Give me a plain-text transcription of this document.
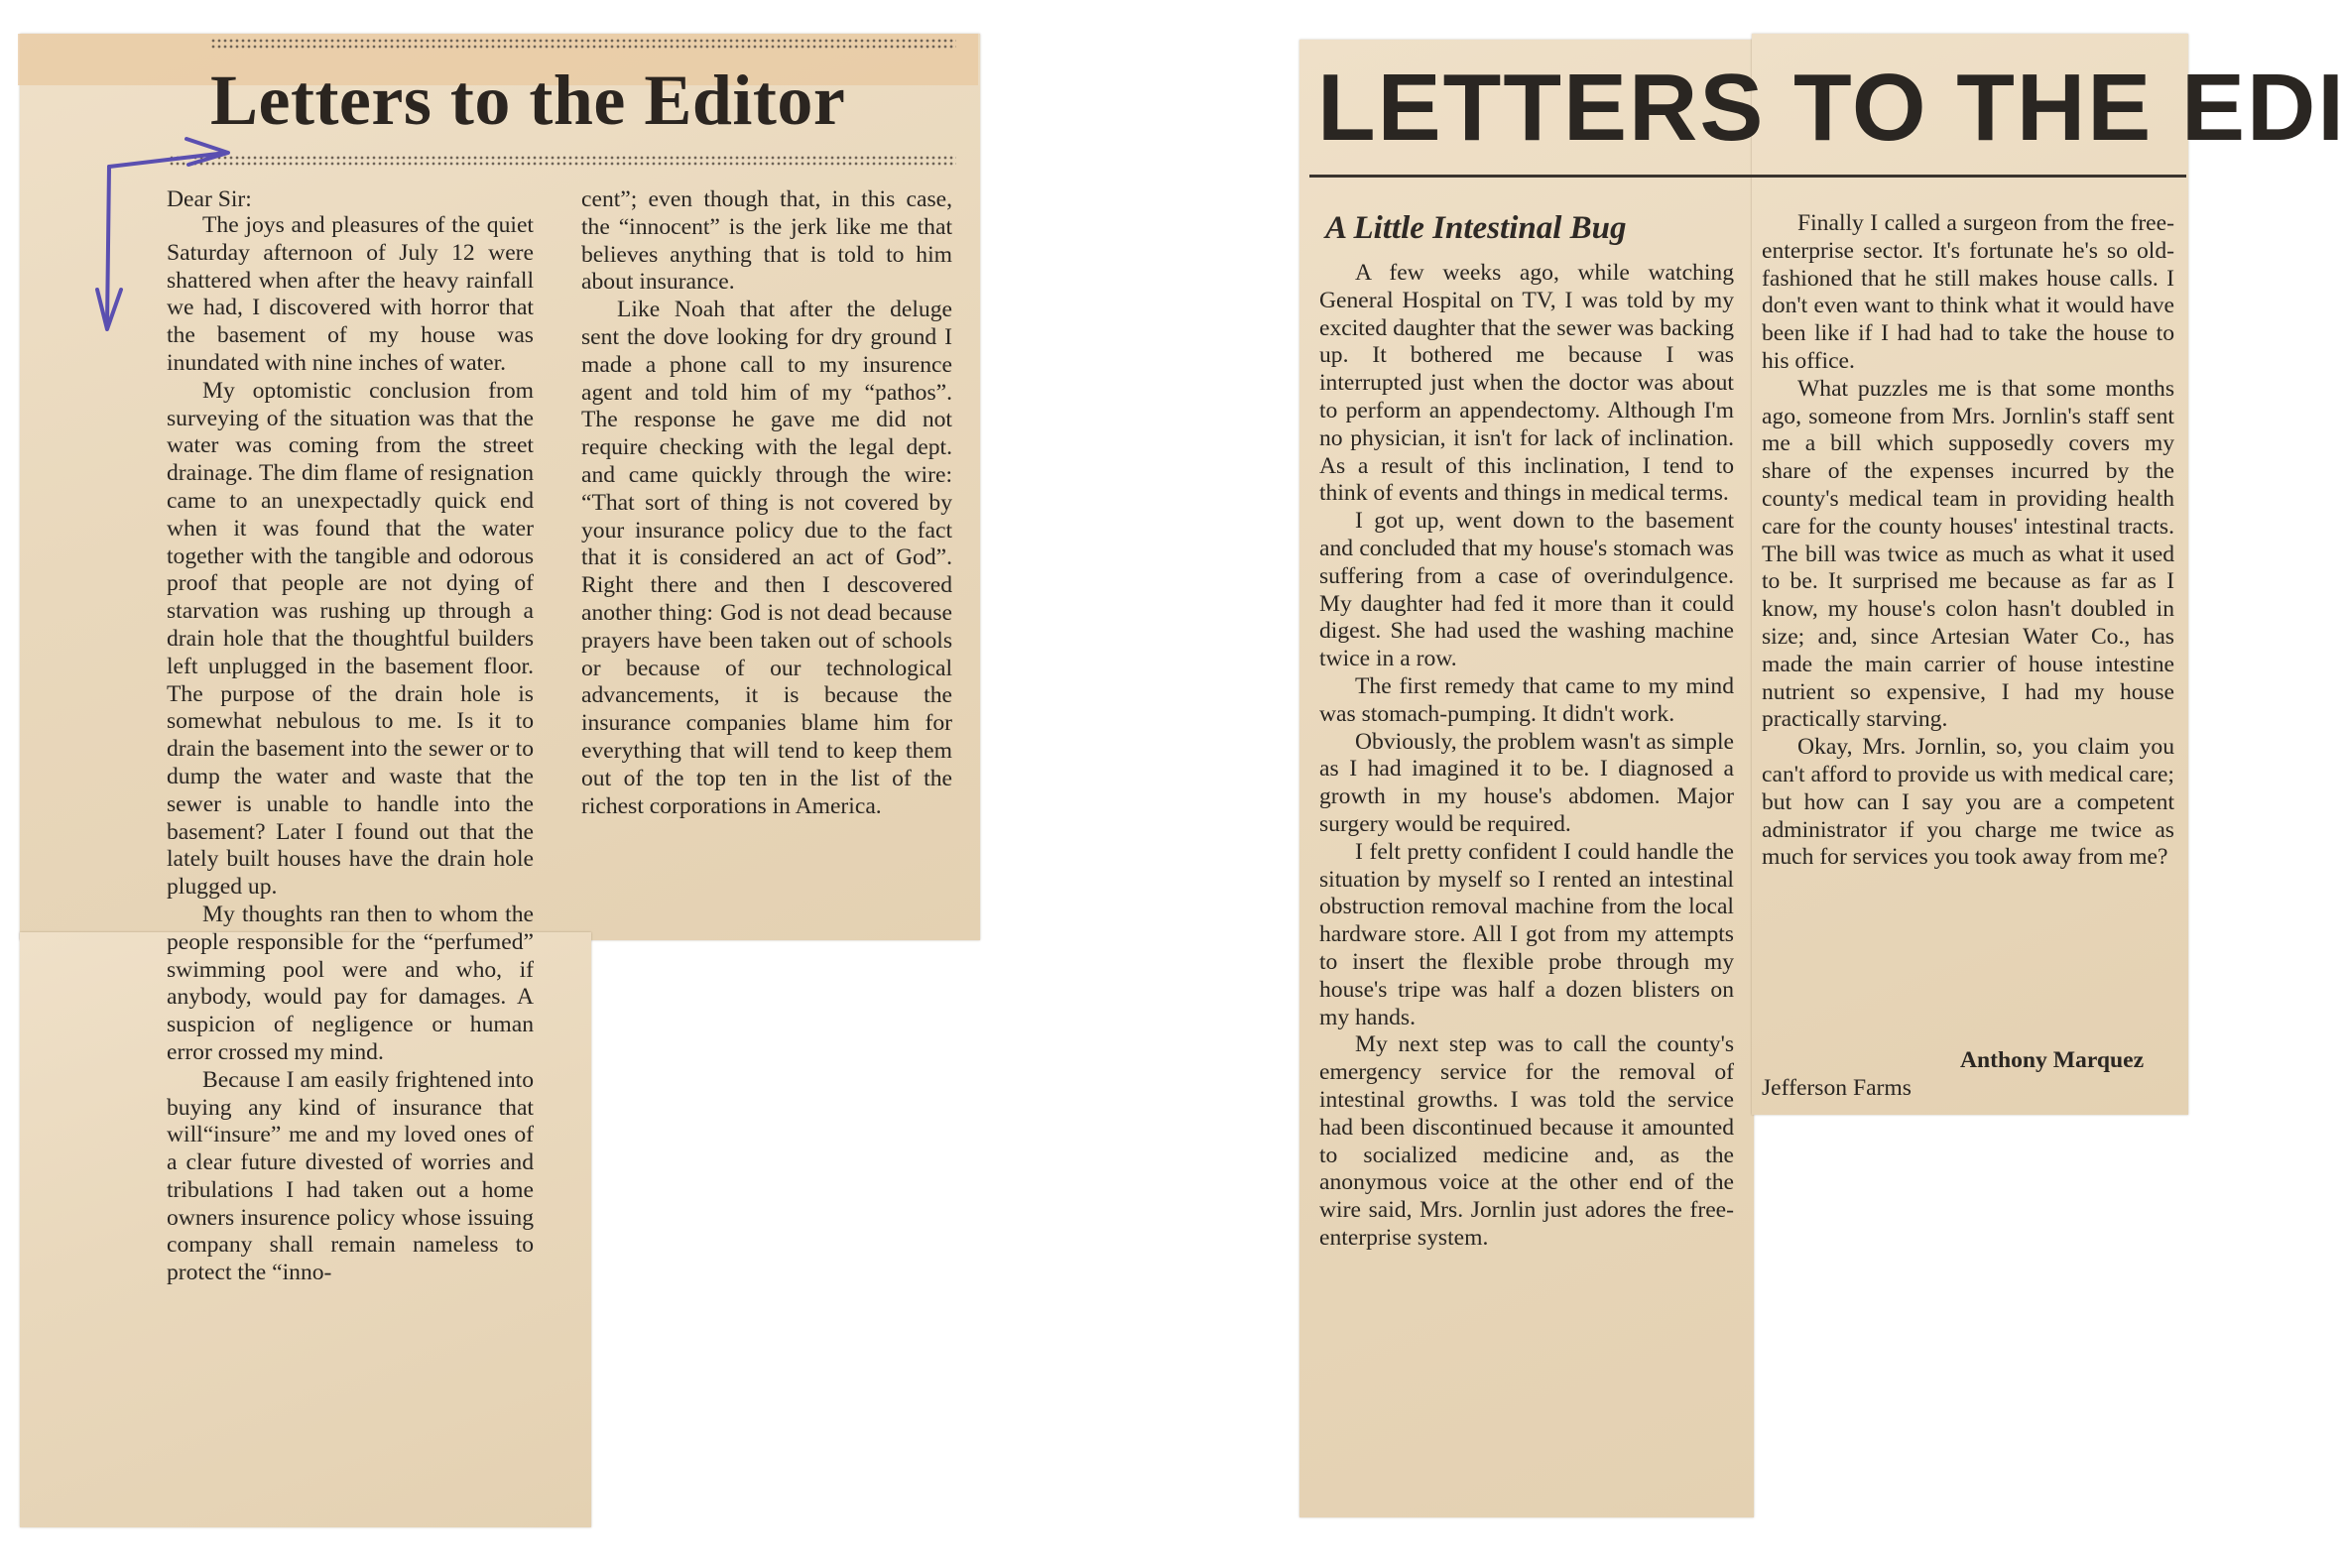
Letters to the Editor
Dear Sir:

The joys and pleasures of the quiet Saturday afternoon of July 12 were shattered when after the heavy rainfall we had, I discovered with horror that the basement of my house was inundated with nine inches of water.

My optomistic conclusion from surveying of the situation was that the water was coming from the street drainage. The dim flame of resignation came to an unexpectadly quick end when it was found that the water together with the tangible and odorous proof that people are not dying of starvation was rushing up through a drain hole that the thoughtful builders left unplugged in the basement floor. The purpose of the drain hole is somewhat nebulous to me. Is it to drain the basement into the sewer or to dump the water and waste that the sewer is unable to handle into the basement? Later I found out that the lately built houses have the drain hole plugged up.

My thoughts ran then to whom the people responsible for the “perfumed” swimming pool were and who, if anybody, would pay for damages. A suspicion of negligence or human error crossed my mind.

Because I am easily frightened into buying any kind of insurance that will“insure” me and my loved ones of a clear future divested of worries and tribulations I had taken out a home owners insurence policy whose issuing company shall remain nameless to protect the “inno-

cent”; even though that, in this case, the “innocent” is the jerk like me that believes anything that is told to him about insurance.

Like Noah that after the deluge sent the dove looking for dry ground I made a phone call to my insurence agent and told him of my “pathos”. The response he gave me did not require checking with the legal dept. and came quickly through the wire: “That sort of thing is not covered by your insurance policy due to the fact that it is considered an act of God”. Right there and then I descovered another thing: God is not dead because prayers have been taken out of schools or because of our technological advancements, it is because the insurance companies blame him for everything that will tend to keep them out of the top ten in the list of the richest corporations in America.

LETTERS TO THE EDI
A Little Intestinal Bug

A few weeks ago, while watching General Hospital on TV, I was told by my excited daughter that the sewer was backing up. It bothered me because I was interrupted just when the doctor was about to perform an appendectomy. Although I'm no physician, it isn't for lack of inclination. As a result of this inclination, I tend to think of events and things in medical terms.

I got up, went down to the basement and concluded that my house's stomach was suffering from a case of overindulgence. My daughter had fed it more than it could digest. She had used the washing machine twice in a row.

The first remedy that came to my mind was stomach-pumping. It didn't work.

Obviously, the problem wasn't as simple as I had imagined it to be. I diagnosed a growth in my house's abdomen. Major surgery would be required.

I felt pretty confident I could handle the situation by myself so I rented an intestinal obstruction removal machine from the local hardware store. All I got from my attempts to insert the flexible probe through my house's tripe was half a dozen blisters on my hands.

My next step was to call the county's emergency service for the removal of intestinal growths. I was told the service had been discontinued because it amounted to socialized medicine and, as the anonymous voice at the other end of the wire said, Mrs. Jornlin just adores the free-enterprise system.

Finally I called a surgeon from the free-enterprise sector. It's fortunate he's so old-fashioned that he still makes house calls. I don't even want to think what it would have been like if I had had to take the house to his office.

What puzzles me is that some months ago, someone from Mrs. Jornlin's staff sent me a bill which supposedly covers my share of the expenses incurred by the county's medical team in providing health care for the county houses' intestinal tracts. The bill was twice as much as what it used to be. It surprised me because as far as I know, my house's colon hasn't doubled in size; and, since Artesian Water Co., has made the main carrier of house intestine nutrient so expensive, I had my house practically starving.

Okay, Mrs. Jornlin, so, you claim you can't afford to provide us with medical care; but how can I say you are a competent administrator if you charge me twice as much for services you took away from me?

Anthony Marquez
Jefferson Farms
